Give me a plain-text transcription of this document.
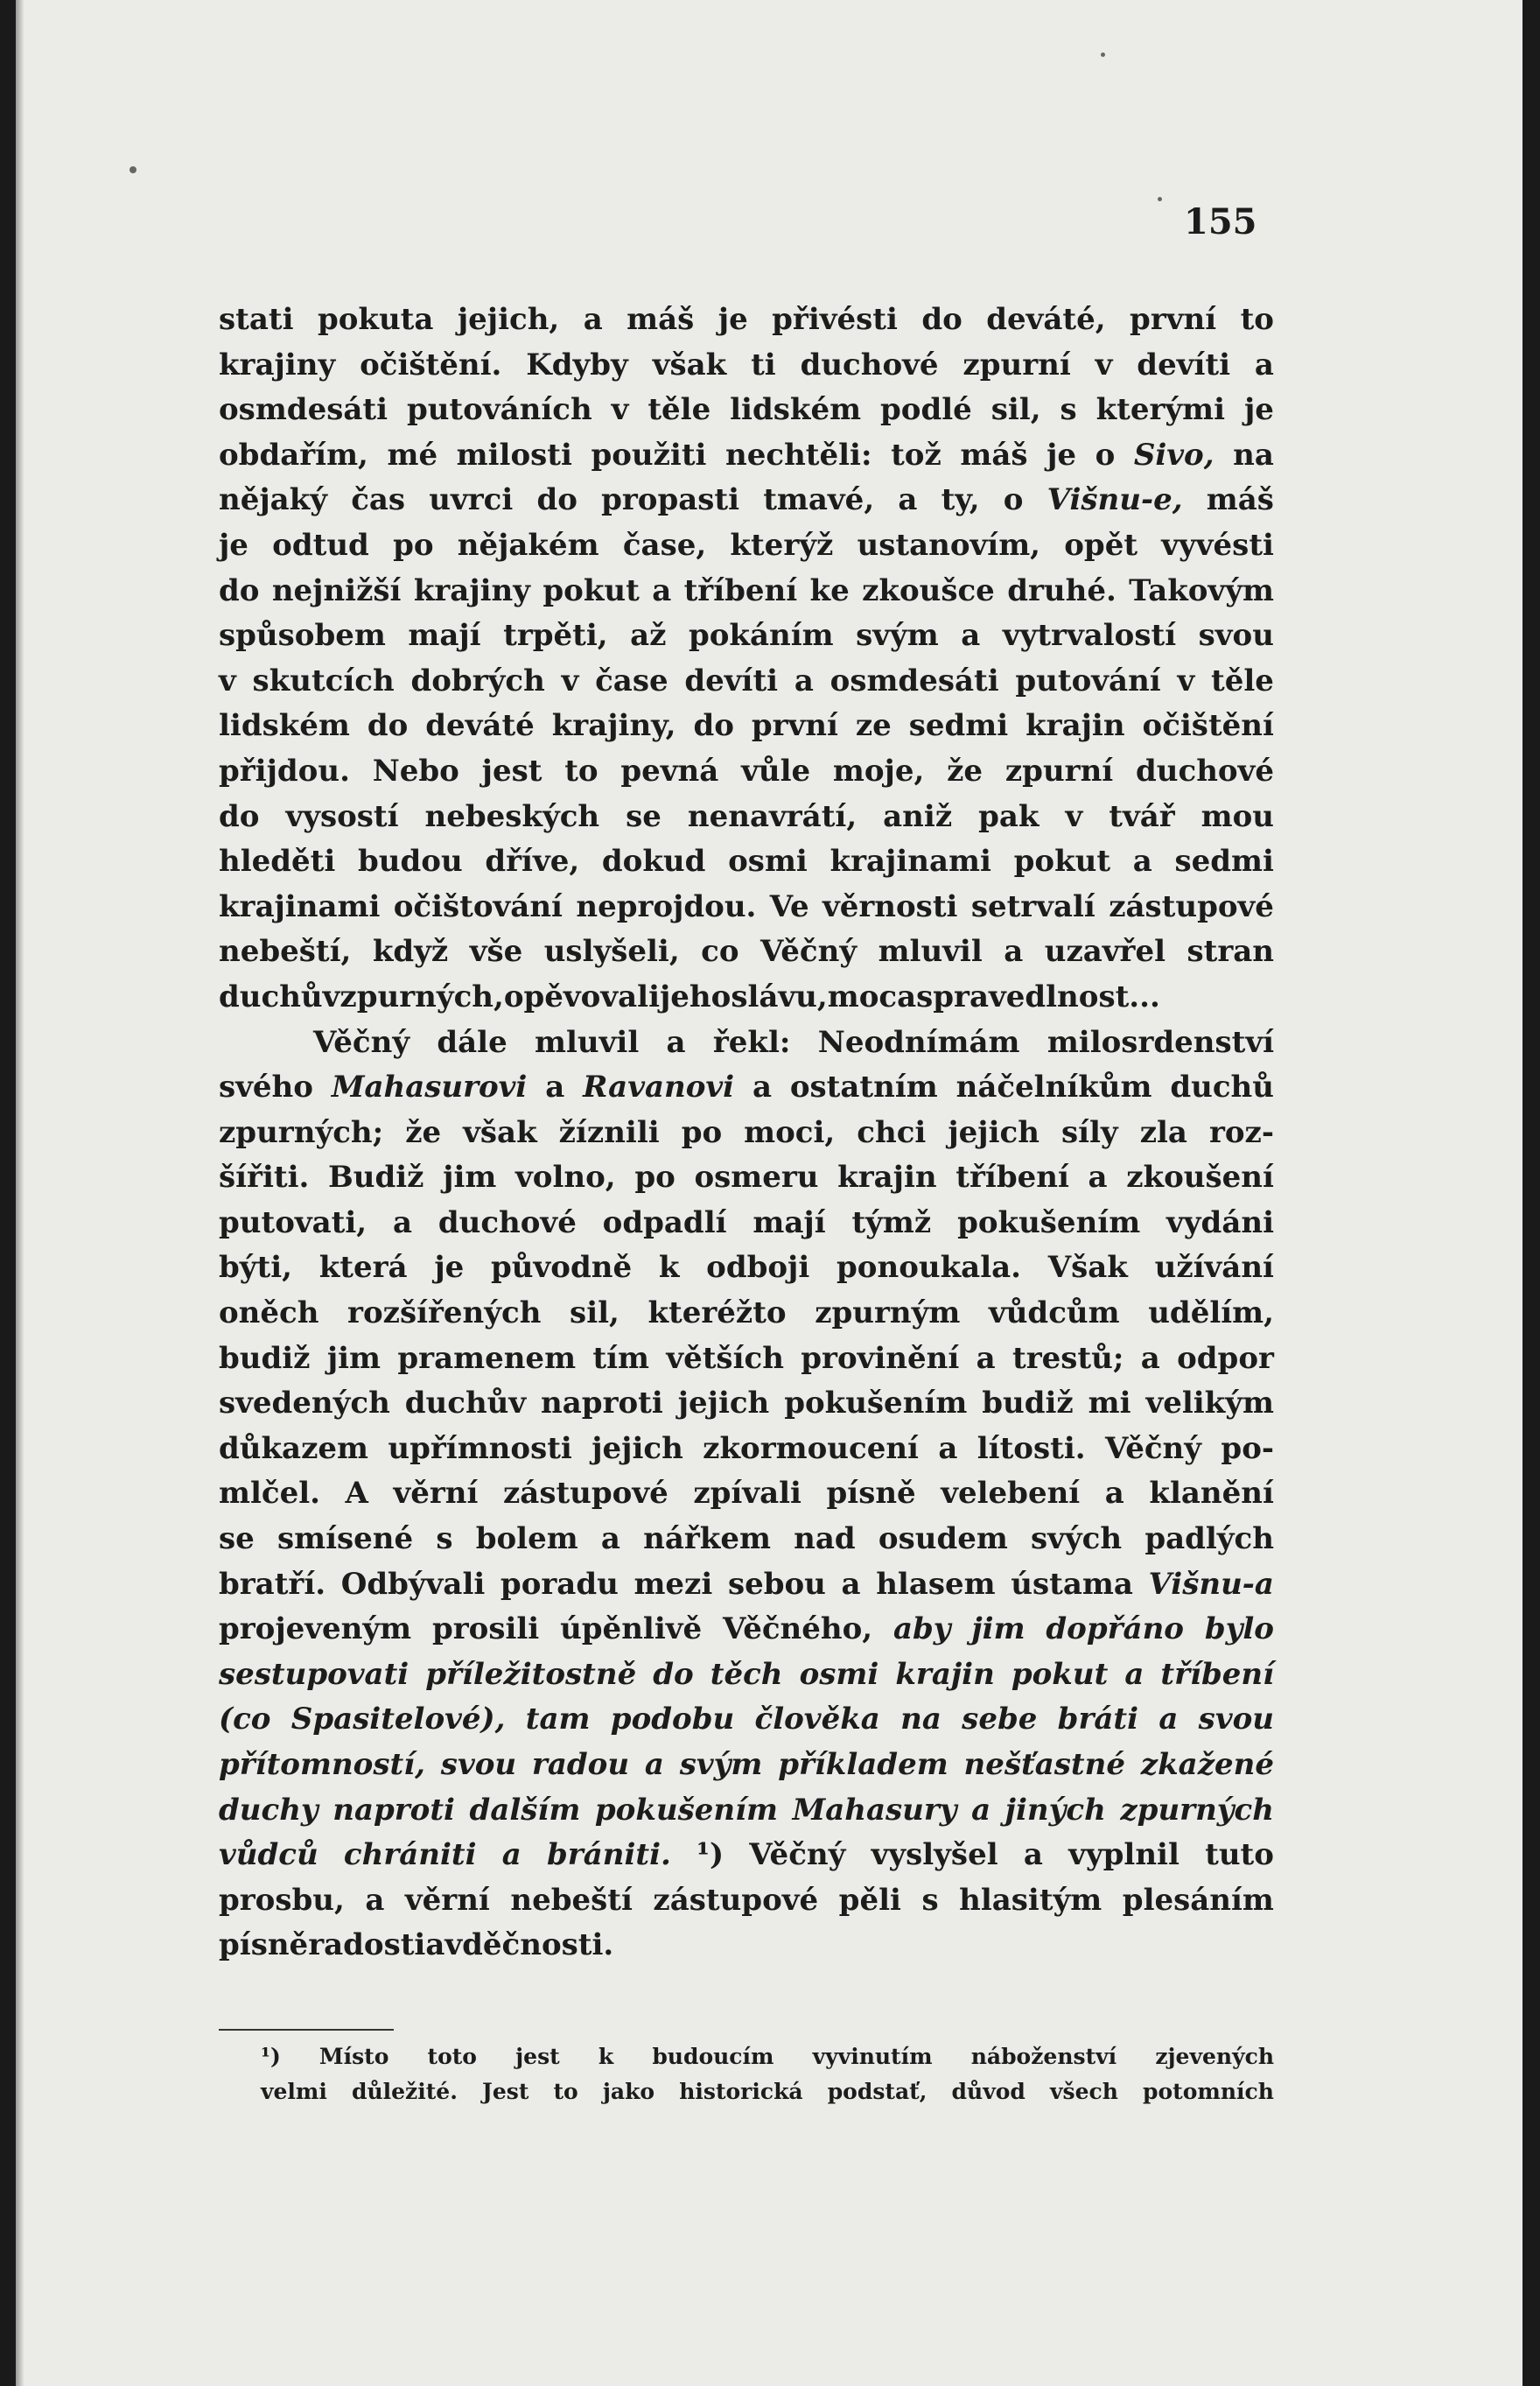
155
stati pokuta jejich, a máš je přivésti do deváté, první to
krajiny očištění. Kdyby však ti duchové zpurní v devíti a
osmdesáti putováních v těle lidském podlé sil, s kterými je
obdařím, mé milosti použiti nechtěli: tož máš je o Sivo, na
nějaký čas uvrci do propasti tmavé, a ty, o Višnu-e, máš
je odtud po nějakém čase, kterýž ustanovím, opět vyvésti
do nejnižší krajiny pokut a tříbení ke zkoušce druhé. Takovým
spůsobem mají trpěti, až pokáním svým a vytrvalostí svou
v skutcích dobrých v čase devíti a osmdesáti putování v těle
lidském do deváté krajiny, do první ze sedmi krajin očištění
přijdou. Nebo jest to pevná vůle moje, že zpurní duchové
do vysostí nebeských se nenavrátí, aniž pak v tvář mou
hleděti budou dříve, dokud osmi krajinami pokut a sedmi
krajinami očištování neprojdou. Ve věrnosti setrvalí zástupové
nebeští, když vše uslyšeli, co Věčný mluvil a uzavřel stran
duchův zpurných, opěvovali jeho slávu, moc a spravedlnost...
Věčný dále mluvil a řekl: Neodnímám milosrdenství
svého Mahasurovi a Ravanovi a ostatním náčelníkům duchů
zpurných; že však žíznili po moci, chci jejich síly zla roz-
šířiti. Budiž jim volno, po osmeru krajin tříbení a zkoušení
putovati, a duchové odpadlí mají týmž pokušením vydáni
býti, která je původně k odboji ponoukala. Však užívání
oněch rozšířených sil, kteréžto zpurným vůdcům udělím,
budiž jim pramenem tím větších provinění a trestů; a odpor
svedených duchův naproti jejich pokušením budiž mi velikým
důkazem upřímnosti jejich zkormoucení a lítosti. Věčný po-
mlčel. A věrní zástupové zpívali písně velebení a klanění
se smísené s bolem a nářkem nad osudem svých padlých
bratří. Odbývali poradu mezi sebou a hlasem ústama Višnu-a
projeveným prosili úpěnlivě Věčného, aby jim dopřáno bylo
sestupovati příležitostně do těch osmi krajin pokut a tříbení
(co Spasitelové), tam podobu člověka na sebe bráti a svou
přítomností, svou radou a svým příkladem nešťastné zkažené
duchy naproti dalším pokušením Mahasury a jiných zpurných
vůdců chrániti a brániti. ¹) Věčný vyslyšel a vyplnil tuto
prosbu, a věrní nebeští zástupové pěli s hlasitým plesáním
písně radosti a vděčnosti.
¹) Místo toto jest k budoucím vyvinutím náboženství zjevených
velmi důležité. Jest to jako historická podstať, důvod všech potomních
